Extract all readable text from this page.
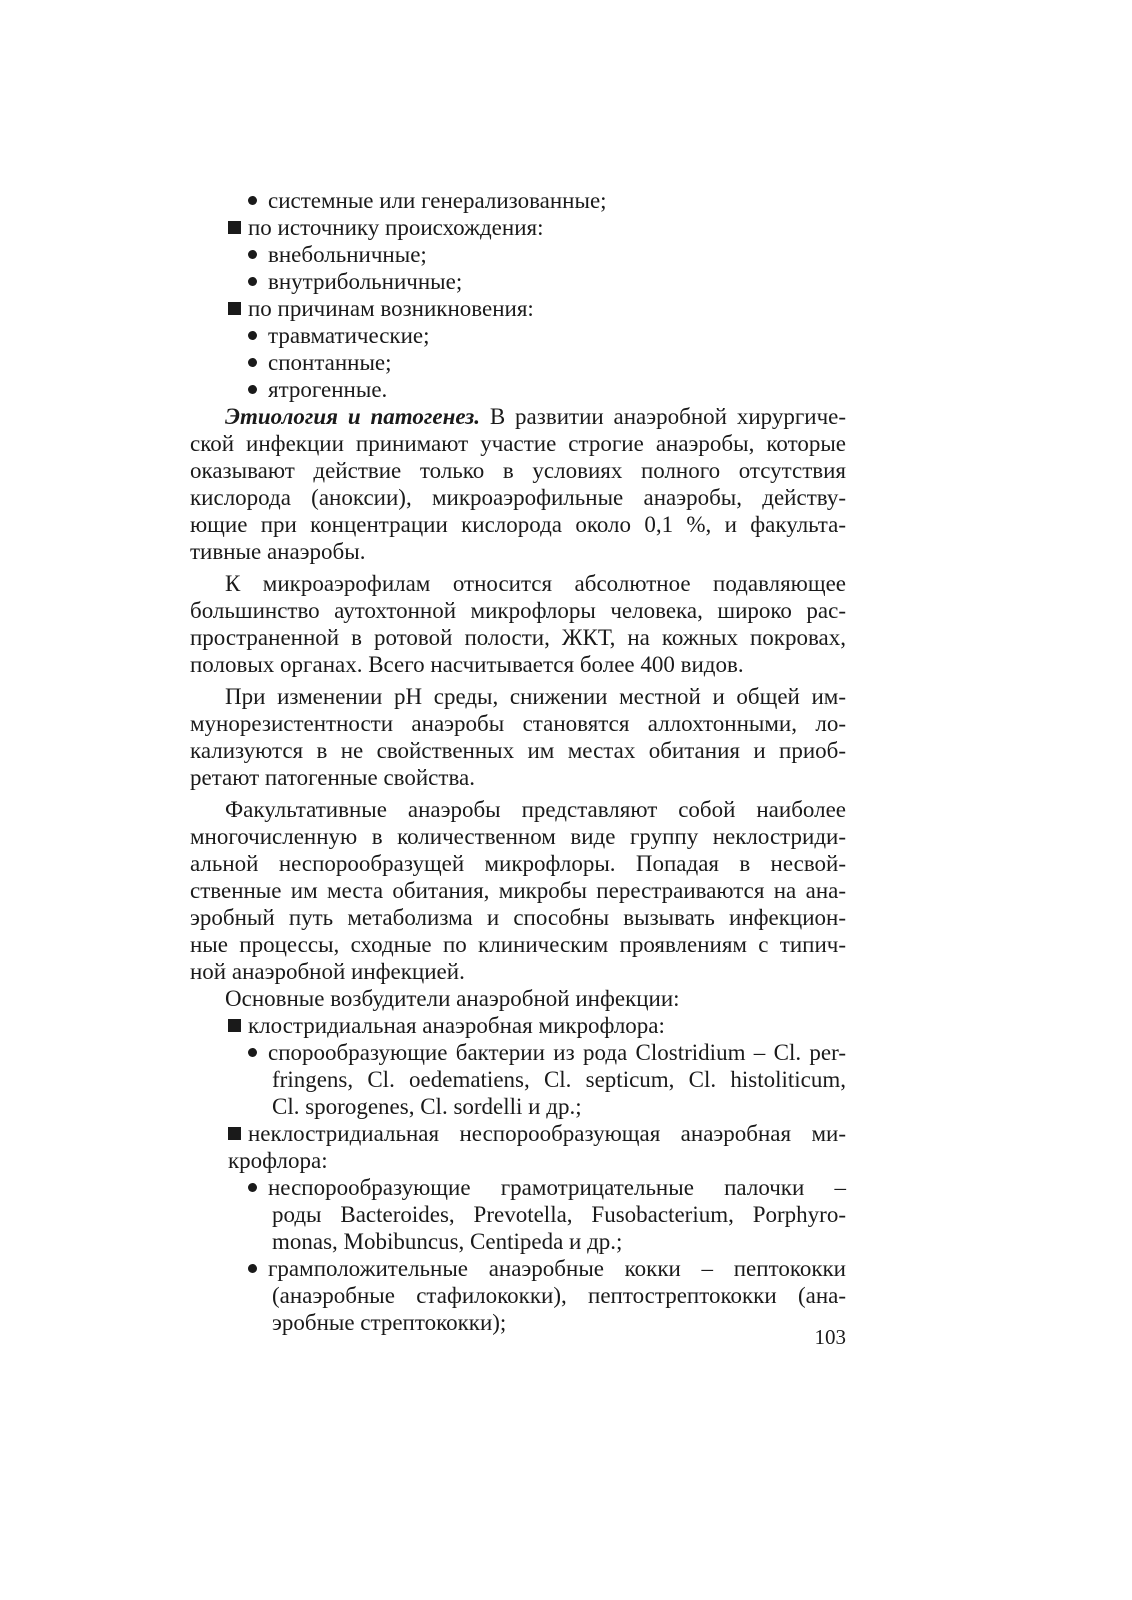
системные или генерализованные;
по источнику происхождения:
внебольничные;
внутрибольничные;
по причинам возникновения:
травматические;
спонтанные;
ятрогенные.
Этиология и патогенез. В развитии анаэробной хирургиче-
ской инфекции принимают участие строгие анаэробы, которые
оказывают действие только в условиях полного отсутствия
кислорода (аноксии), микроаэрофильные анаэробы, действу-
ющие при концентрации кислорода около 0,1 %, и факульта-
тивные анаэробы.
К микроаэрофилам относится абсолютное подавляющее
большинство аутохтонной микрофлоры человека, широко рас-
пространенной в ротовой полости, ЖКТ, на кожных покровах,
половых органах. Всего насчитывается более 400 видов.
При изменении рН среды, снижении местной и общей им-
мунорезистентности анаэробы становятся аллохтонными, ло-
кализуются в не свойственных им местах обитания и приоб-
ретают патогенные свойства.
Факультативные анаэробы представляют собой наиболее
многочисленную в количественном виде группу неклостриди-
альной неспорообразущей микрофлоры. Попадая в несвой-
ственные им места обитания, микробы перестраиваются на ана-
эробный путь метаболизма и способны вызывать инфекцион-
ные процессы, сходные по клиническим проявлениям с типич-
ной анаэробной инфекцией.
Основные возбудители анаэробной инфекции:
клостридиальная анаэробная микрофлора:
спорообразующие бактерии из рода Clostridium – Cl. per-
fringens, Cl. oedematiens, Cl. septicum, Cl. histoliticum,
Cl. sporogenes, Cl. sordelli и др.;
неклостридиальная неспорообразующая анаэробная ми-
крофлора:
неспорообразующие грамотрицательные палочки –
роды Bacteroides, Prevotella, Fusobacterium, Porphyro-
monas, Mobibuncus, Centipeda и др.;
грамположительные анаэробные кокки – пептококки
(анаэробные стафилококки), пептострептококки (ана-
эробные стрептококки);
103
